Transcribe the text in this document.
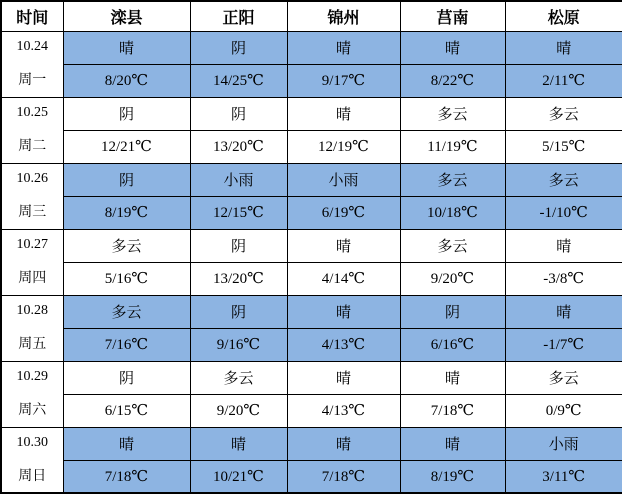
时间	滦县	正阳	锦州	莒南	松原

10.24
周一	晴	阴	晴	晴	晴
	8/20℃	14/25℃	9/17℃	8/22℃	2/11℃

10.25
周二	阴	阴	晴	多云	多云
	12/21℃	13/20℃	12/19℃	11/19℃	5/15℃

10.26
周三	阴	小雨	小雨	多云	多云
	8/19℃	12/15℃	6/19℃	10/18℃	-1/10℃

10.27
周四	多云	阴	晴	多云	晴
	5/16℃	13/20℃	4/14℃	9/20℃	-3/8℃

10.28
周五	多云	阴	晴	阴	晴
	7/16℃	9/16℃	4/13℃	6/16℃	-1/7℃

10.29
周六	阴	多云	晴	晴	多云
	6/15℃	9/20℃	4/13℃	7/18℃	0/9℃

10.30
周日	晴	晴	晴	晴	小雨
	7/18℃	10/21℃	7/18℃	8/19℃	3/11℃
